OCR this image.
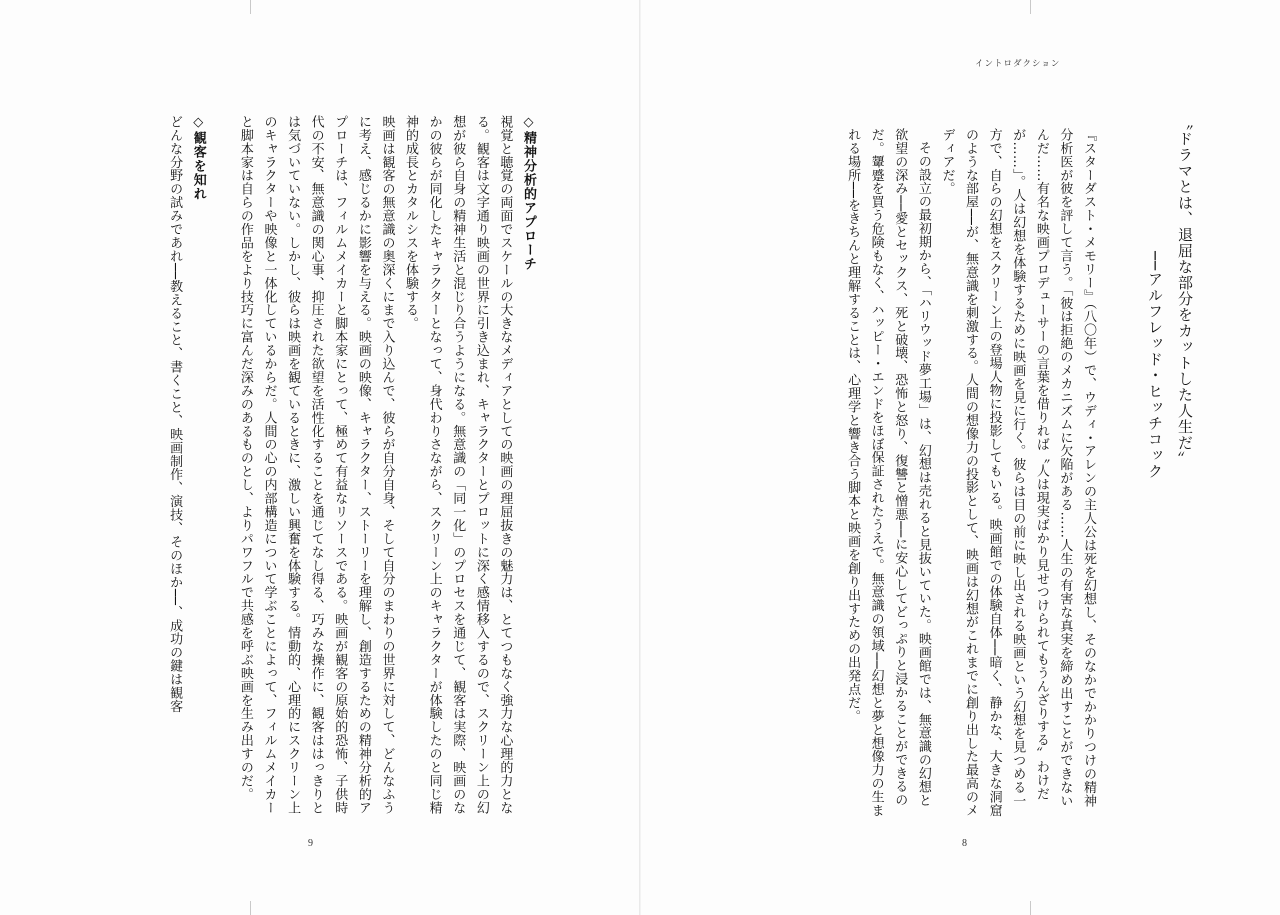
◇精神分析的アプローチ

視覚と聴覚の両面でスケールの大きなメディアとしての映画の理屈抜きの魅力は、とてつもなく強力な心理的力となる。観客は文字通り映画の世界に引き込まれ、キャラクターとプロットに深く感情移入するので、スクリーン上の幻想が彼ら自身の精神生活と混じり合うようになる。無意識の「同一化」のプロセスを通じて、観客は実際、映画のなかの彼らが同化したキャラクターとなって、身代わりさながら、スクリーン上のキャラクターが体験したのと同じ精神的成長とカタルシスを体験する。

映画は観客の無意識の奥深くにまで入り込んで、彼らが自分自身、そして自分のまわりの世界に対して、どんなふうに考え、感じるかに影響を与える。映画の映像、キャラクター、ストーリーを理解し、創造するための精神分析的アプローチは、フィルムメイカーと脚本家にとって、極めて有益なリソースである。映画が観客の原始的恐怖、子供時代の不安、無意識の関心事、抑圧された欲望を活性化することを通じてなし得る、巧みな操作に、観客ははっきりとは気づいていない。しかし、彼らは映画を観ているときに、激しい興奮を体験する。情動的、心理的にスクリーン上のキャラクターや映像と一体化しているからだ。人間の心の内部構造について学ぶことによって、フィルムメイカーと脚本家は自らの作品をより技巧に富んだ深みのあるものとし、よりパワフルで共感を呼ぶ映画を生み出すのだ。

◇観客を知れ

どんな分野の試みであれ──教えること、書くこと、映画制作、演技、そのほか──、成功の鍵は観客

9
イントロダクション

〝ドラマとは、退屈な部分をカットした人生だ〟

──アルフレッド・ヒッチコック

『スターダスト・メモリー』（八〇年）で、ウディ・アレンの主人公は死を幻想し、そのなかでかかりつけの精神分析医が彼を評して言う。「彼は拒絶のメカニズムに欠陥がある……人生の有害な真実を締め出すことができないんだ……有名な映画プロデューサーの言葉を借りれば〝人は現実ばかり見せつけられてもうんざりする〟わけだが……」。人は幻想を体験するために映画を見に行く。彼らは目の前に映し出される映画という幻想を見つめる一方で、自らの幻想をスクリーン上の登場人物に投影してもいる。映画館での体験自体──暗く、静かな、大きな洞窟のような部屋──が、無意識を刺激する。人間の想像力の投影として、映画は幻想がこれまでに創り出した最高のメディアだ。

その設立の最初期から、「ハリウッド夢工場」は、幻想は売れると見抜いていた。映画館では、無意識の幻想と欲望の深み──愛とセックス、死と破壊、恐怖と怒り、復讐と憎悪──に安心してどっぷりと浸かることができるのだ。顰蹙を買う危険もなく、ハッピー・エンドをほぼ保証されたうえで。無意識の領域──幻想と夢と想像力の生まれる場所──をきちんと理解することは、心理学と響き合う脚本と映画を創り出すための出発点だ。

8
